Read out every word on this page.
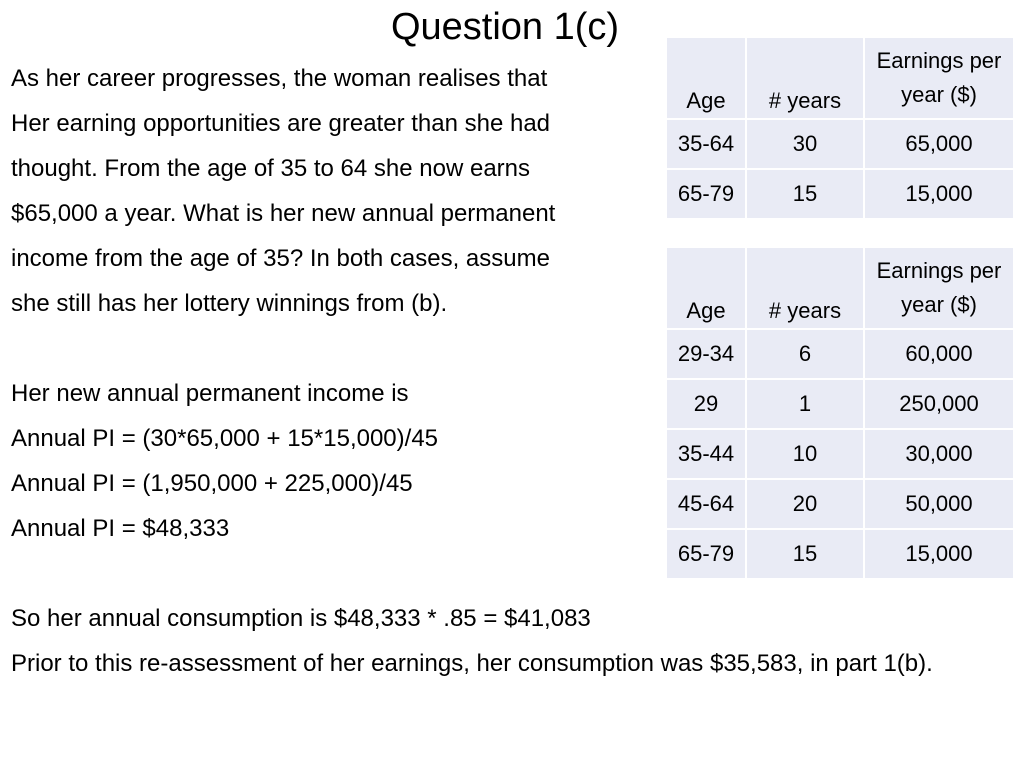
Question 1(c)
As her career progresses, the woman realises that
Her earning opportunities are greater than she had
thought. From the age of 35 to 64 she now earns
$65,000 a year. What is her new annual permanent
income from the age of 35? In both cases, assume
she still has her lottery winnings from (b).
Her new annual permanent income is
Annual PI = (30*65,000 + 15*15,000)/45
Annual PI = (1,950,000 + 225,000)/45
Annual PI = $48,333
So her annual consumption is $48,333 * .85 = $41,083
Prior to this re-assessment of her earnings, her consumption was $35,583, in part 1(b).
Age	# years	Earnings per year ($)
35-64	30	65,000
65-79	15	15,000
Age	# years	Earnings per year ($)
29-34	6	60,000
29	1	250,000
35-44	10	30,000
45-64	20	50,000
65-79	15	15,000
